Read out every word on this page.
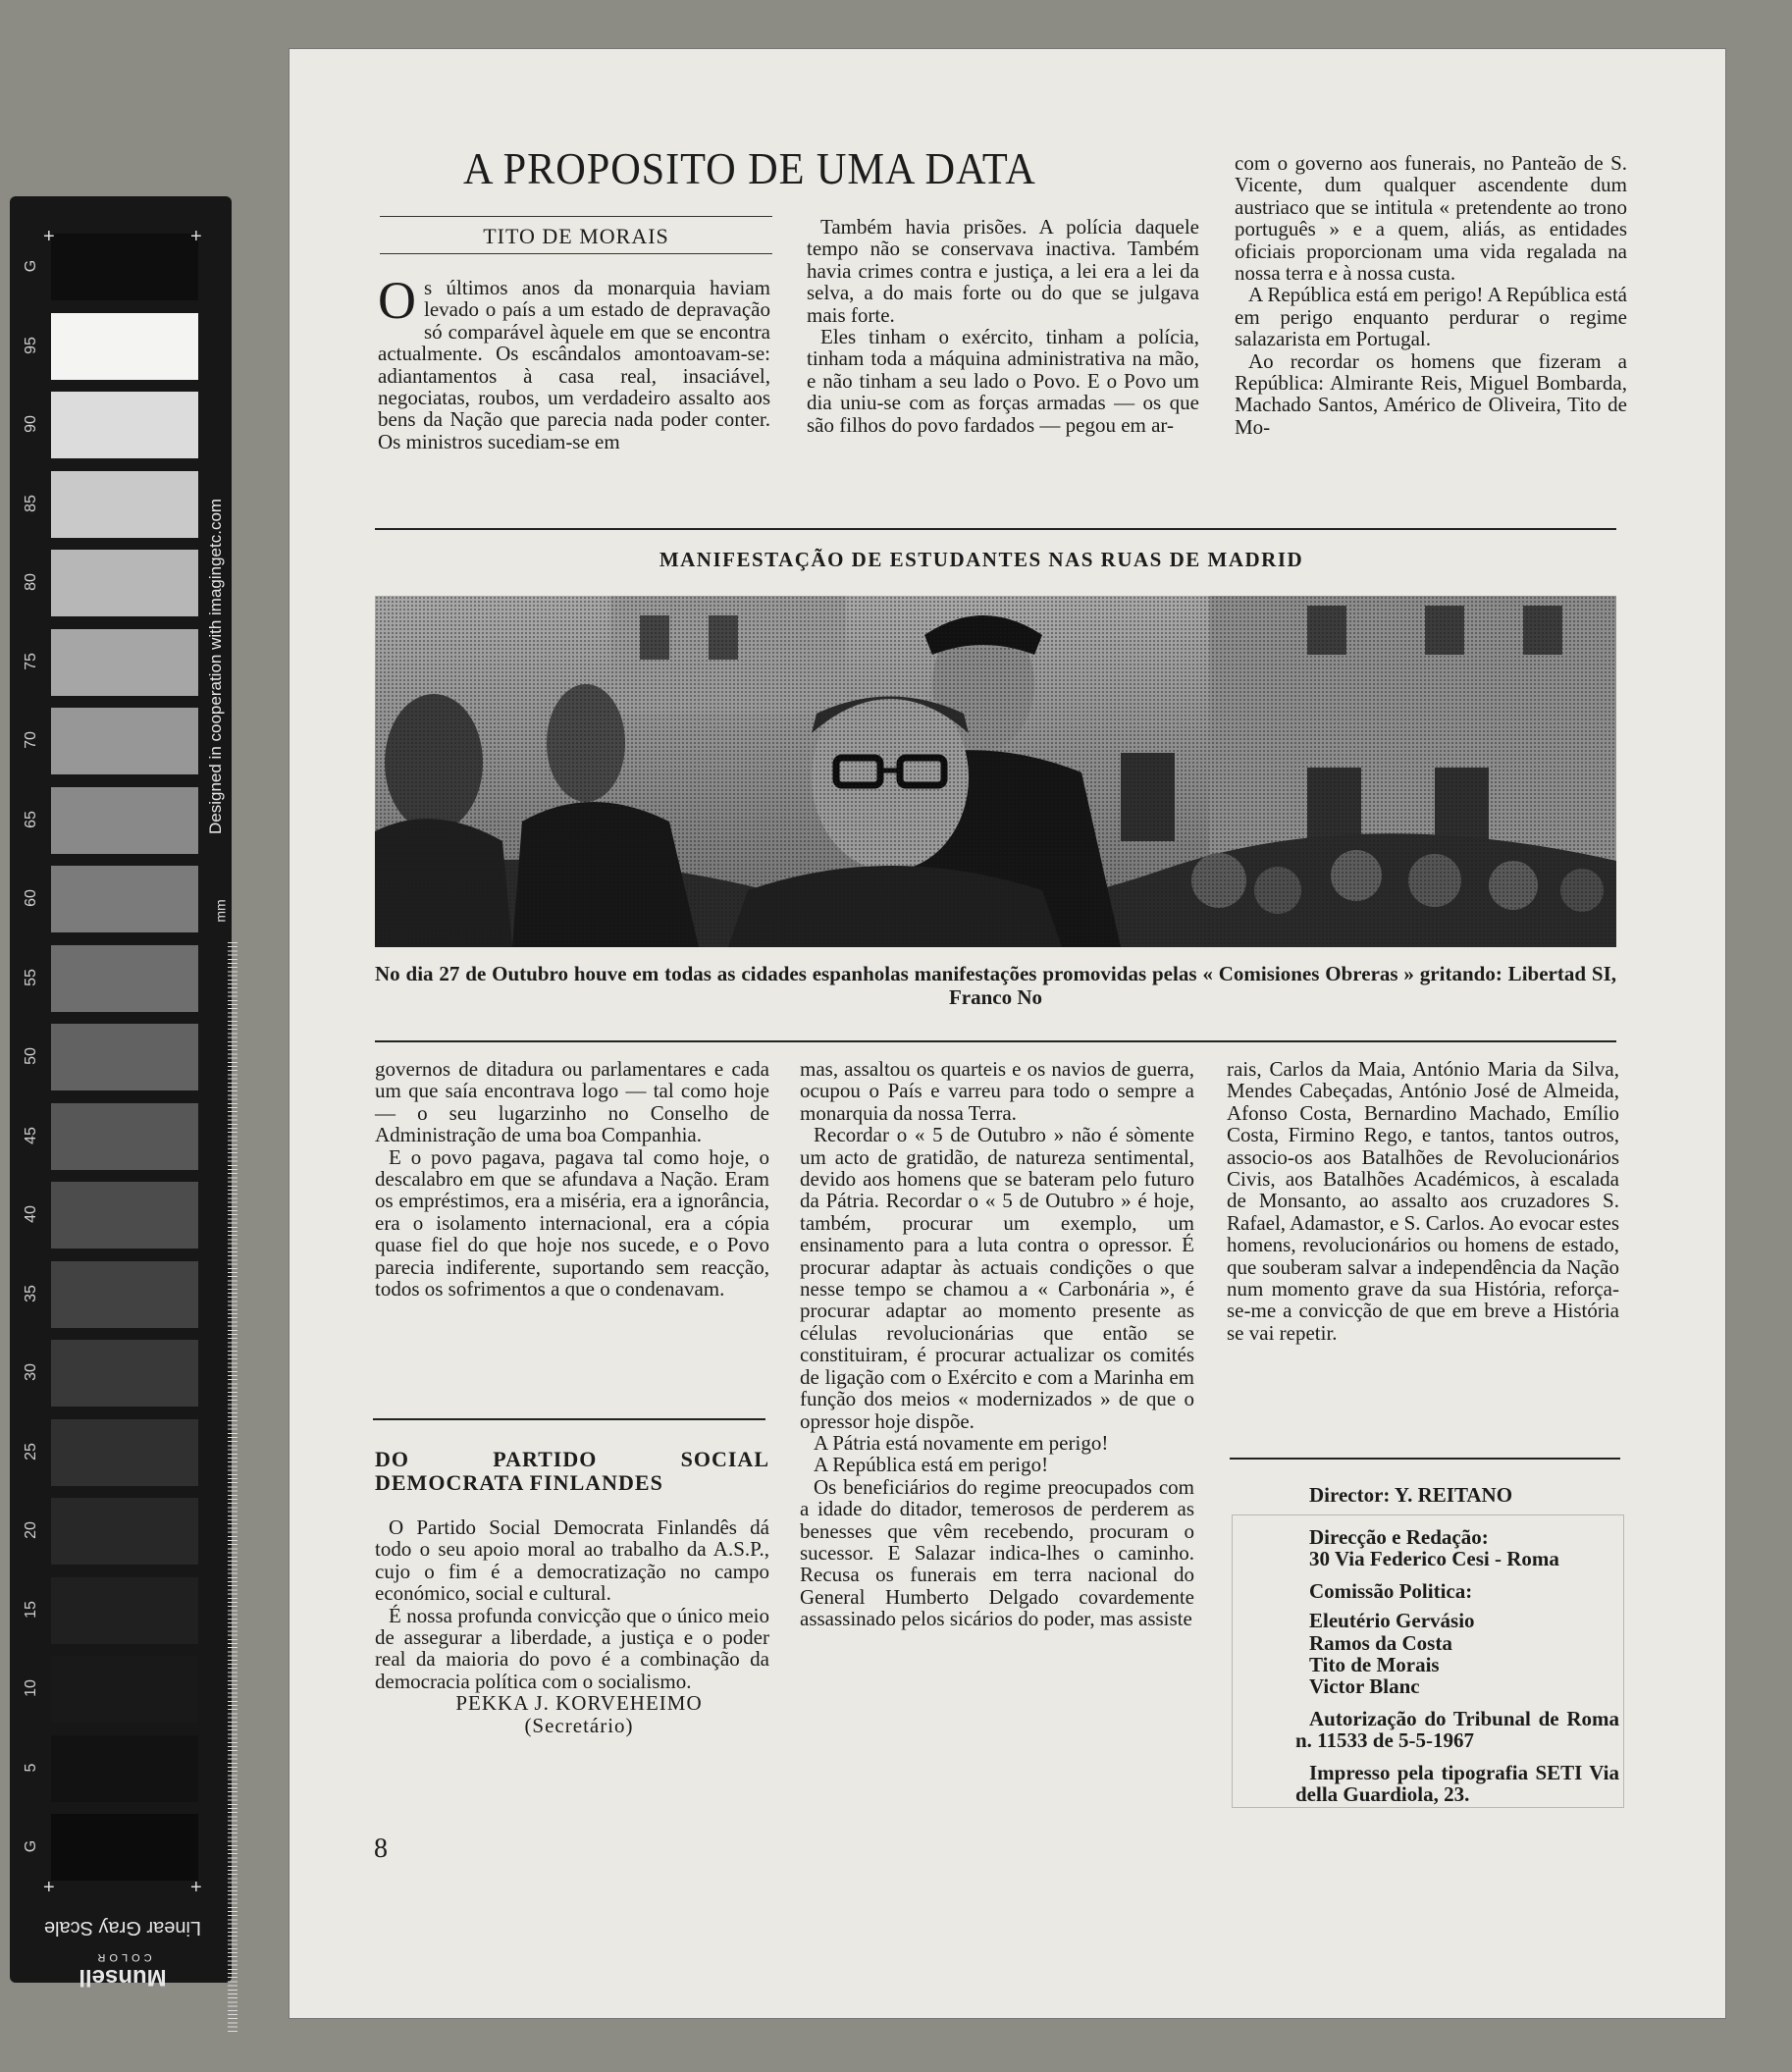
G
95
90
85
80
75
70
65
60
55
50
45
40
35
30
25
20
15
10
5
G
Designed in cooperation with imagingetc.com
mm
+	+
+	+
Linear Gray Scale
Munsell
COLOR
A PROPOSITO DE UMA DATA
TITO DE MORAIS

Os últimos anos da monarquia haviam levado o país a um estado de depravação só comparável àquele em que se encontra actualmente. Os escândalos amontoavam-se: adiantamentos à casa real, insaciável, negociatas, roubos, um verdadeiro assalto aos bens da Nação que parecia nada poder conter. Os ministros sucediam-se em

Também havia prisões. A polícia daquele tempo não se conservava inactiva. Também havia crimes contra e justiça, a lei era a lei da selva, a do mais forte ou do que se julgava mais forte.

Eles tinham o exército, tinham a polícia, tinham toda a máquina administrativa na mão, e não tinham a seu lado o Povo. E o Povo um dia uniu-se com as forças armadas — os que são filhos do povo fardados — pegou em ar-

com o governo aos funerais, no Panteão de S. Vicente, dum qualquer ascendente dum austriaco que se intitula « pretendente ao trono português » e a quem, aliás, as entidades oficiais proporcionam uma vida regalada na nossa terra e à nossa custa.

A República está em perigo! A República está em perigo enquanto perdurar o regime salazarista em Portugal.

Ao recordar os homens que fizeram a República: Almirante Reis, Miguel Bombarda, Machado Santos, Américo de Oliveira, Tito de Mo-

MANIFESTAÇÃO DE ESTUDANTES NAS RUAS DE MADRID
No dia 27 de Outubro houve em todas as cidades espanholas manifestações promovidas pelas « Comisiones Obreras » gritando: Libertad SI, Franco No

governos de ditadura ou parlamentares e cada um que saía encontrava logo — tal como hoje — o seu lugarzinho no Conselho de Administração de uma boa Companhia.

E o povo pagava, pagava tal como hoje, o descalabro em que se afundava a Nação. Eram os empréstimos, era a miséria, era a ignorância, era o isolamento internacional, era a cópia quase fiel do que hoje nos sucede, e o Povo parecia indiferente, suportando sem reacção, todos os sofrimentos a que o condenavam.

DO PARTIDO SOCIAL DEMOCRATA FINLANDES

O Partido Social Democrata Finlandês dá todo o seu apoio moral ao trabalho da A.S.P., cujo o fim é a democratização no campo económico, social e cultural.

É nossa profunda convicção que o único meio de assegurar a liberdade, a justiça e o poder real da maioria do povo é a combinação da democracia política com o socialismo.

PEKKA J. KORVEHEIMO

(Secretário)

mas, assaltou os quarteis e os navios de guerra, ocupou o País e varreu para todo o sempre a monarquia da nossa Terra.

Recordar o « 5 de Outubro » não é sòmente um acto de gratidão, de natureza sentimental, devido aos homens que se bateram pelo futuro da Pátria. Recordar o « 5 de Outubro » é hoje, também, procurar um exemplo, um ensinamento para a luta contra o opressor. É procurar adaptar às actuais condições o que nesse tempo se chamou a « Carbonária », é procurar adaptar ao momento presente as células revolucionárias que então se constituiram, é procurar actualizar os comités de ligação com o Exército e com a Marinha em função dos meios « modernizados » de que o opressor hoje dispõe.

A Pátria está novamente em perigo!

A República está em perigo!

Os beneficiários do regime preocupados com a idade do ditador, temerosos de perderem as benesses que vêm recebendo, procuram o sucessor. E Salazar indica-lhes o caminho. Recusa os funerais em terra nacional do General Humberto Delgado covardemente assassinado pelos sicários do poder, mas assiste

rais, Carlos da Maia, António Maria da Silva, Mendes Cabeçadas, António José de Almeida, Afonso Costa, Bernardino Machado, Emílio Costa, Firmino Rego, e tantos, tantos outros, associo-os aos Batalhões de Revolucionários Civis, aos Batalhões Académicos, à escalada de Monsanto, ao assalto aos cruzadores S. Rafael, Adamastor, e S. Carlos. Ao evocar estes homens, revolucionários ou homens de estado, que souberam salvar a independência da Nação num momento grave da sua História, reforça-se-me a convicção de que em breve a História se vai repetir.

Director: Y. REITANO

Direcção e Redação:

30 Via Federico Cesi - Roma

Comissão Politica:

Eleutério Gervásio

Ramos da Costa

Tito de Morais

Victor Blanc

Autorização do Tribunal de Roma n. 11533 de 5-5-1967

Impresso pela tipografia SETI Via della Guardiola, 23.

8
